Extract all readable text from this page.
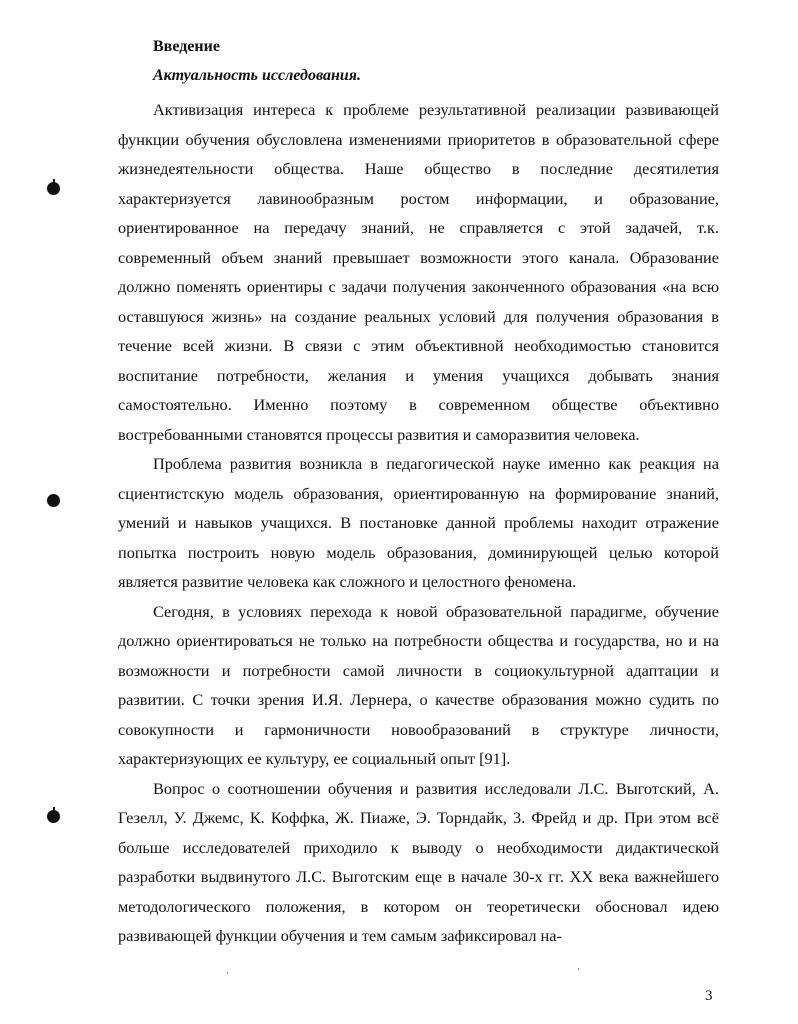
Введение
Актуальность исследования.

Активизация интереса к проблеме результативной реализации развивающей функции обучения обусловлена изменениями приоритетов в образовательной сфере жизнедеятельности общества. Наше общество в последние десятилетия характеризуется лавинообразным ростом информации, и образование, ориентированное на передачу знаний, не справляется с этой задачей, т.к. современный объем знаний превышает возможности этого канала. Образование должно поменять ориентиры с задачи получения законченного образования «на всю оставшуюся жизнь» на создание реальных условий для получения образования в течение всей жизни. В связи с этим объективной необходимостью становится воспитание потребности, желания и умения учащихся добывать знания самостоятельно. Именно поэтому в современном обществе объективно востребованными становятся процессы развития и саморазвития человека.

Проблема развития возникла в педагогической науке именно как реакция на сциентистскую модель образования, ориентированную на формирование знаний, умений и навыков учащихся. В постановке данной проблемы находит отражение попытка построить новую модель образования, доминирующей целью которой является развитие человека как сложного и целостного феномена.

Сегодня, в условиях перехода к новой образовательной парадигме, обучение должно ориентироваться не только на потребности общества и государства, но и на возможности и потребности самой личности в социокультурной адаптации и развитии. С точки зрения И.Я. Лернера, о качестве образования можно судить по совокупности и гармоничности новообразований в структуре личности, характеризующих ее культуру, ее социальный опыт [91].

Вопрос о соотношении обучения и развития исследовали Л.С. Выготский, А. Гезелл, У. Джемс, К. Коффка, Ж. Пиаже, Э. Торндайк, 3. Фрейд и др. При этом всё больше исследователей приходило к выводу о необходимости дидактической разработки выдвинутого Л.С. Выготским еще в начале 30-х гг. XX века важнейшего методологического положения, в котором он теоретически обосновал идею развивающей функции обучения и тем самым зафиксировал на-

3
